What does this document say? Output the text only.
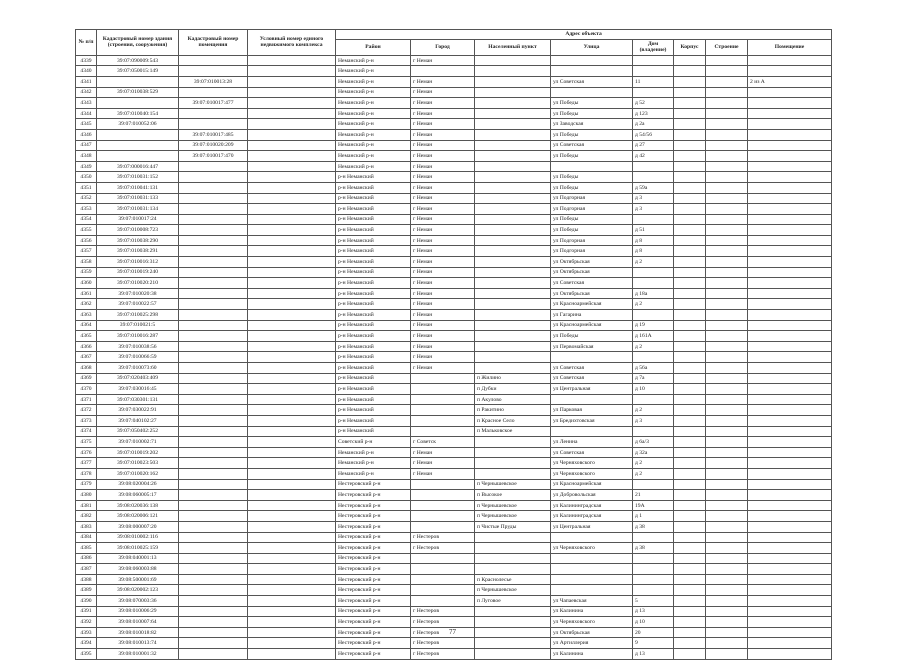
№ п/п	Кадастровый номер здания (строения, сооружения)	Кадастровый номер помещения	Условный номер единого недвижимого комплекса	Адрес объекта							
				Район	Город	Населенный пункт	Улица	Дом (владение)	Корпус	Строение	Помещение
4339	39:07:090009:543			Неманский р-н	г Неман						
4340	39:07:050015:149			Неманский р-н							
4341		39:07:010013:28		Неманский р-н	г Неман		ул Советская	11			2 из А
4342	39:07:010038:529			Неманский р-н	г Неман						
4343		39:07:010017:477		Неманский р-н	г Неман		ул Победы	д 52			
4344	39:07:010040:154			Неманский р-н	г Неман		ул Победы	д 123			
4345	39:07:010052:06			Неманский р-н	г Неман		ул Заводская	д 2а			
4346		39:07:010017:485		Неманский р-н	г Неман		ул Победы	д 54/56			
4347		39:07:010020:209		Неманский р-н	г Неман		ул Советская	д 27			
4348		39:07:010017:470		Неманский р-н	г Неман		ул Победы	д 42			
4349	39:07:000016:447			Неманский р-н	г Неман						
4350	39:07:010031:152			р-н Неманский	г Неман		ул Победы				
4351	39:07:010041:131			р-н Неманский	г Неман		ул Победы	д 59а			
4352	39:07:010031:133			р-н Неманский	г Неман		ул Подгорная	д 3			
4353	39:07:010031:134			р-н Неманский	г Неман		ул Подгорная	д 3			
4354	39:07:010017:24			р-н Неманский	г Неман		ул Победы				
4355	39:07:010008:723			р-н Неманский	г Неман		ул Победы	д 51			
4356	39:07:010038:290			р-н Неманский	г Неман		ул Подгорная	д 8			
4357	39:07:010038:291			р-н Неманский	г Неман		ул Подгорная	д 8			
4358	39:07:010016:312			р-н Неманский	г Неман		ул Октябрьская	д 2			
4359	39:07:010019:240			р-н Неманский	г Неман		ул Октябрьская				
4360	39:07:010020:210			р-н Неманский	г Неман		ул Советская				
4361	39:07:010020:38			р-н Неманский	г Неман		ул Октябрьская	д 18а			
4362	39:07:010022:57			р-н Неманский	г Неман		ул Красноармейская	д 2			
4363	39:07:010025:298			р-н Неманский	г Неман		ул Гагарина				
4364	39:07:010021:5			р-н Неманский	г Неман		ул Красноармейская	д 19			
4365	39:07:010016:287			р-н Неманский	г Неман		ул Победы	д 161А			
4366	39:07:010038:56			р-н Неманский	г Неман		ул Первомайская	д 2			
4367	39:07:010066:59			р-н Неманский	г Неман						
4368	39:07:010073:60			р-н Неманский	г Неман		ул Советская	д 56а			
4369	39:07:020403:409			р-н Неманский		п Жилино	ул Советская	д 7а			
4370	39:07:030016:45			р-н Неманский		п Дубки	ул Центральная	д 10			
4371	39:07:030301:131			р-н Неманский		п Акулово					
4372	39:07:030022:91			р-н Неманский		п Ракитино	ул Парковая	д 2			
4373	39:07:040102:27			р-н Неманский		п Красное Село	ул Бредихтовская	д 3			
4374	39:07:050402:252			р-н Неманский		п Мальковское					
4375	39:07:010002:71			Советский р-н	г Советск		ул Ленина	д 6а/3			
4376	39:07:010019:202			Неманский р-н	г Неман		ул Советская	д 32а			
4377	39:07:010023:503			Неманский р-н	г Неман		ул Черняховского	д 2			
4378	39:07:010020:162			Неманский р-н	г Неман		ул Черняховского	д 2			
4379	39:08:020004:26			Нестеровский р-н		п Чернышевское	ул Красноармейская				
4380	39:08:060005:17			Нестеровский р-н		п Высокое	ул Добровольская	21			
4381	39:08:020036:138			Нестеровский р-н		п Чернышевское	ул Калининградская	19А			
4382	39:08:020006:121			Нестеровский р-н		п Чернышевское	ул Калининградская	д 1			
4383	39:08:000007:20			Нестеровский р-н		п Чистые Пруды	ул Центральная	д 38			
4384	39:08:010002:116			Нестеровский р-н	г Нестеров						
4385	39:08:010025:159			Нестеровский р-н	г Нестеров		ул Черняховского	д 38			
4386	39:08:040001:13			Нестеровский р-н							
4387	39:08:060003:88			Нестеровский р-н							
4388	39:08:500001:69			Нестеровский р-н		п Краснолесье					
4389	39:08:020002:123			Нестеровский р-н		п Чернышевское					
4390	39:08:070003:36			Нестеровский р-н		п Луговое	ул Чапаевская	5			
4391	39:08:010006:29			Нестеровский р-н	г Нестеров		ул Калинина	д 13			
4392	39:08:010007:64			Нестеровский р-н	г Нестеров		ул Черняховского	д 10			
4393	39:08:010018:82			Нестеровский р-н	г Нестеров		ул Октябрьская	20			
4394	39:08:010013:74			Нестеровский р-н	г Нестеров		ул Артиллерия	9			
4395	39:08:010001:32			Нестеровский р-н	г Нестеров		ул Калинина	д 13			
77
